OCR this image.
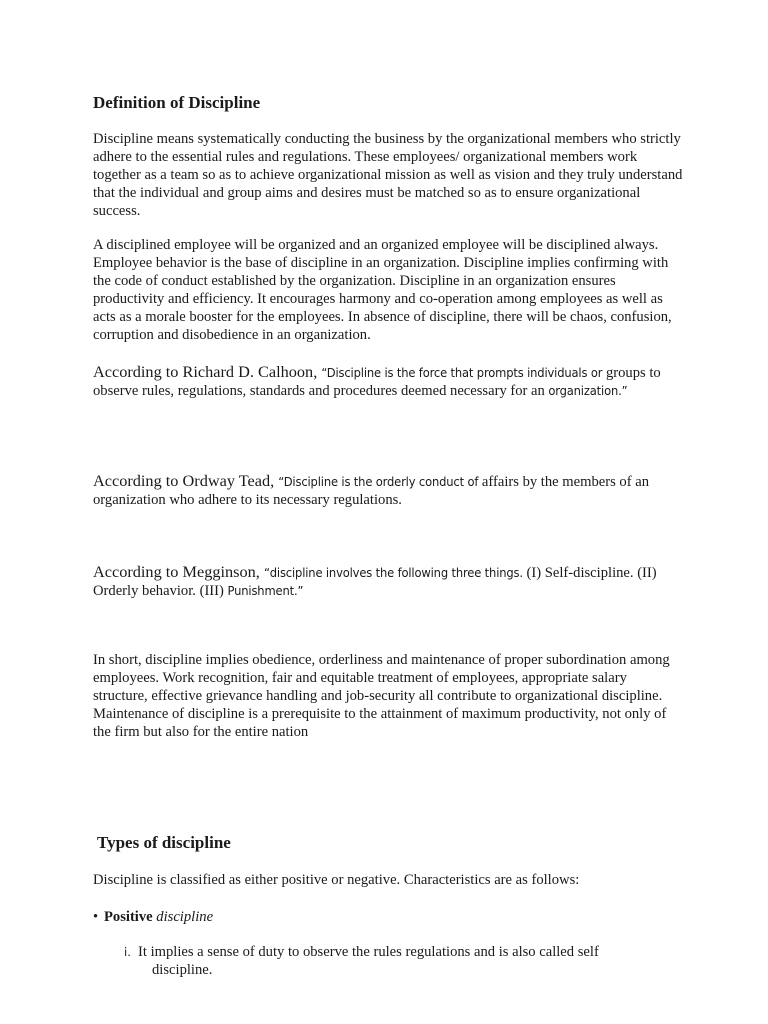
Definition of Discipline

Discipline means systematically conducting the business by the organizational members who strictly adhere to the essential rules and regulations. These employees/ organizational members work together as a team so as to achieve organizational mission as well as vision and they truly understand that the individual and group aims and desires must be matched so as to ensure organizational success.

A disciplined employee will be organized and an organized employee will be disciplined always. Employee behavior is the base of discipline in an organization. Discipline implies confirming with the code of conduct established by the organization. Discipline in an organization ensures productivity and efficiency. It encourages harmony and co-operation among employees as well as acts as a morale booster for the employees. In absence of discipline, there will be chaos, confusion, corruption and disobedience in an organization.

According to Richard D. Calhoon, “Discipline is the force that prompts individuals or groups to observe rules, regulations, standards and procedures deemed necessary for an organization.”

According to Ordway Tead, “Discipline is the orderly conduct of affairs by the members of an organization who adhere to its necessary regulations.

According to Megginson, “discipline involves the following three things. (I) Self-discipline. (II) Orderly behavior. (III) Punishment.”

In short, discipline implies obedience, orderliness and maintenance of proper subordination among employees. Work recognition, fair and equitable treatment of employees, appropriate salary structure, effective grievance handling and job-security all contribute to organizational discipline. Maintenance of discipline is a prerequisite to the attainment of maximum productivity, not only of the firm but also for the entire nation

Types of discipline

Discipline is classified as either positive or negative. Characteristics are as follows:

• Positive discipline
i. It implies a sense of duty to observe the rules regulations and is also called self
discipline.
